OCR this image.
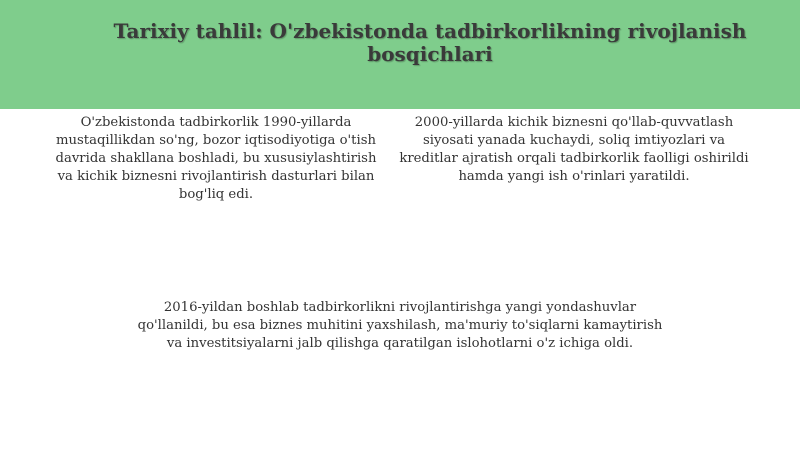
Tarixiy tahlil: O'zbekistonda tadbirkorlikning rivojlanish bosqichlari

O'zbekistonda tadbirkorlik 1990-yillarda mustaqillikdan so'ng, bozor iqtisodiyotiga o'tish davrida shakllana boshladi, bu xususiylashtirish va kichik biznesni rivojlantirish dasturlari bilan bog'liq edi.

2000-yillarda kichik biznesni qo'llab-quvvatlash siyosati yanada kuchaydi, soliq imtiyozlari va kreditlar ajratish orqali tadbirkorlik faolligi oshirildi hamda yangi ish o'rinlari yaratildi.

2016-yildan boshlab tadbirkorlikni rivojlantirishga yangi yondashuvlar qo'llanildi, bu esa biznes muhitini yaxshilash, ma'muriy to'siqlarni kamaytirish va investitsiyalarni jalb qilishga qaratilgan islohotlarni o'z ichiga oldi.
